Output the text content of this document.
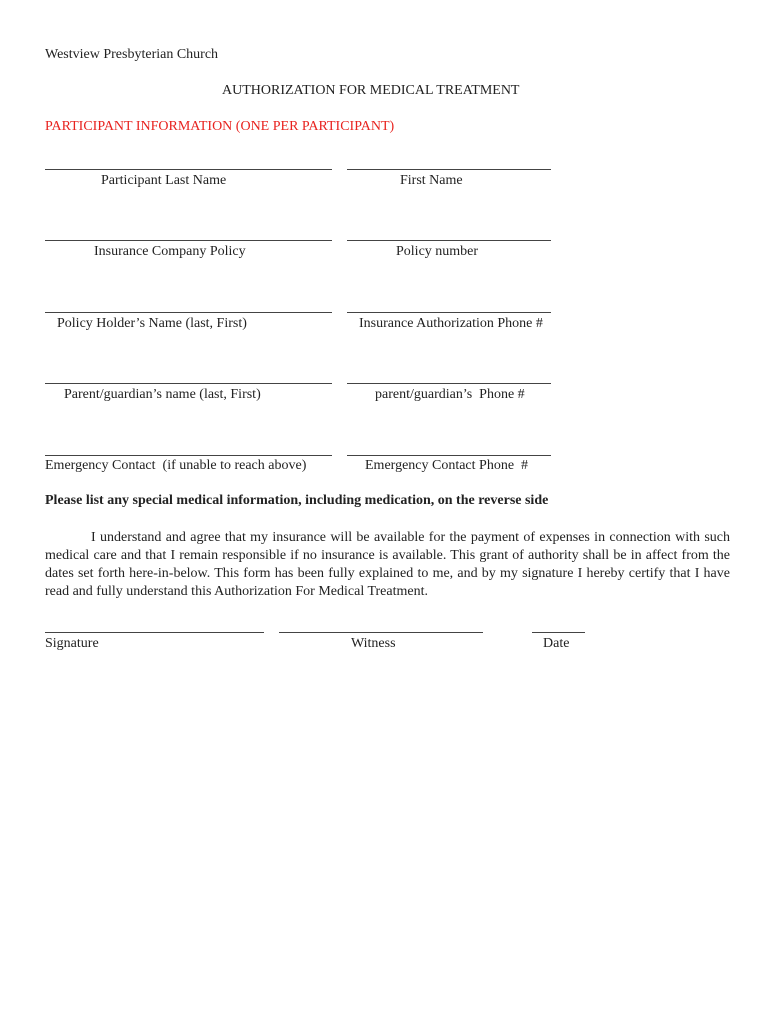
Westview Presbyterian Church
AUTHORIZATION FOR MEDICAL TREATMENT
PARTICIPANT INFORMATION (ONE PER PARTICIPANT)
Participant Last Name	First Name
Insurance Company Policy	Policy number
Policy Holder’s Name (last, First)	Insurance Authorization Phone #
Parent/guardian’s name (last, First)	parent/guardian’s  Phone #
Emergency Contact  (if unable to reach above)	Emergency Contact Phone  #
Please list any special medical information, including medication, on the reverse side
I understand and agree that my insurance will be available for the payment of expenses in connection with such medical care and that I remain responsible if no insurance is available. This grant of authority shall be in affect from the dates set forth here-in-below. This form has been fully explained to me, and by my signature I hereby certify that I have read and fully understand this Authorization For Medical Treatment.
Signature	Witness	Date
